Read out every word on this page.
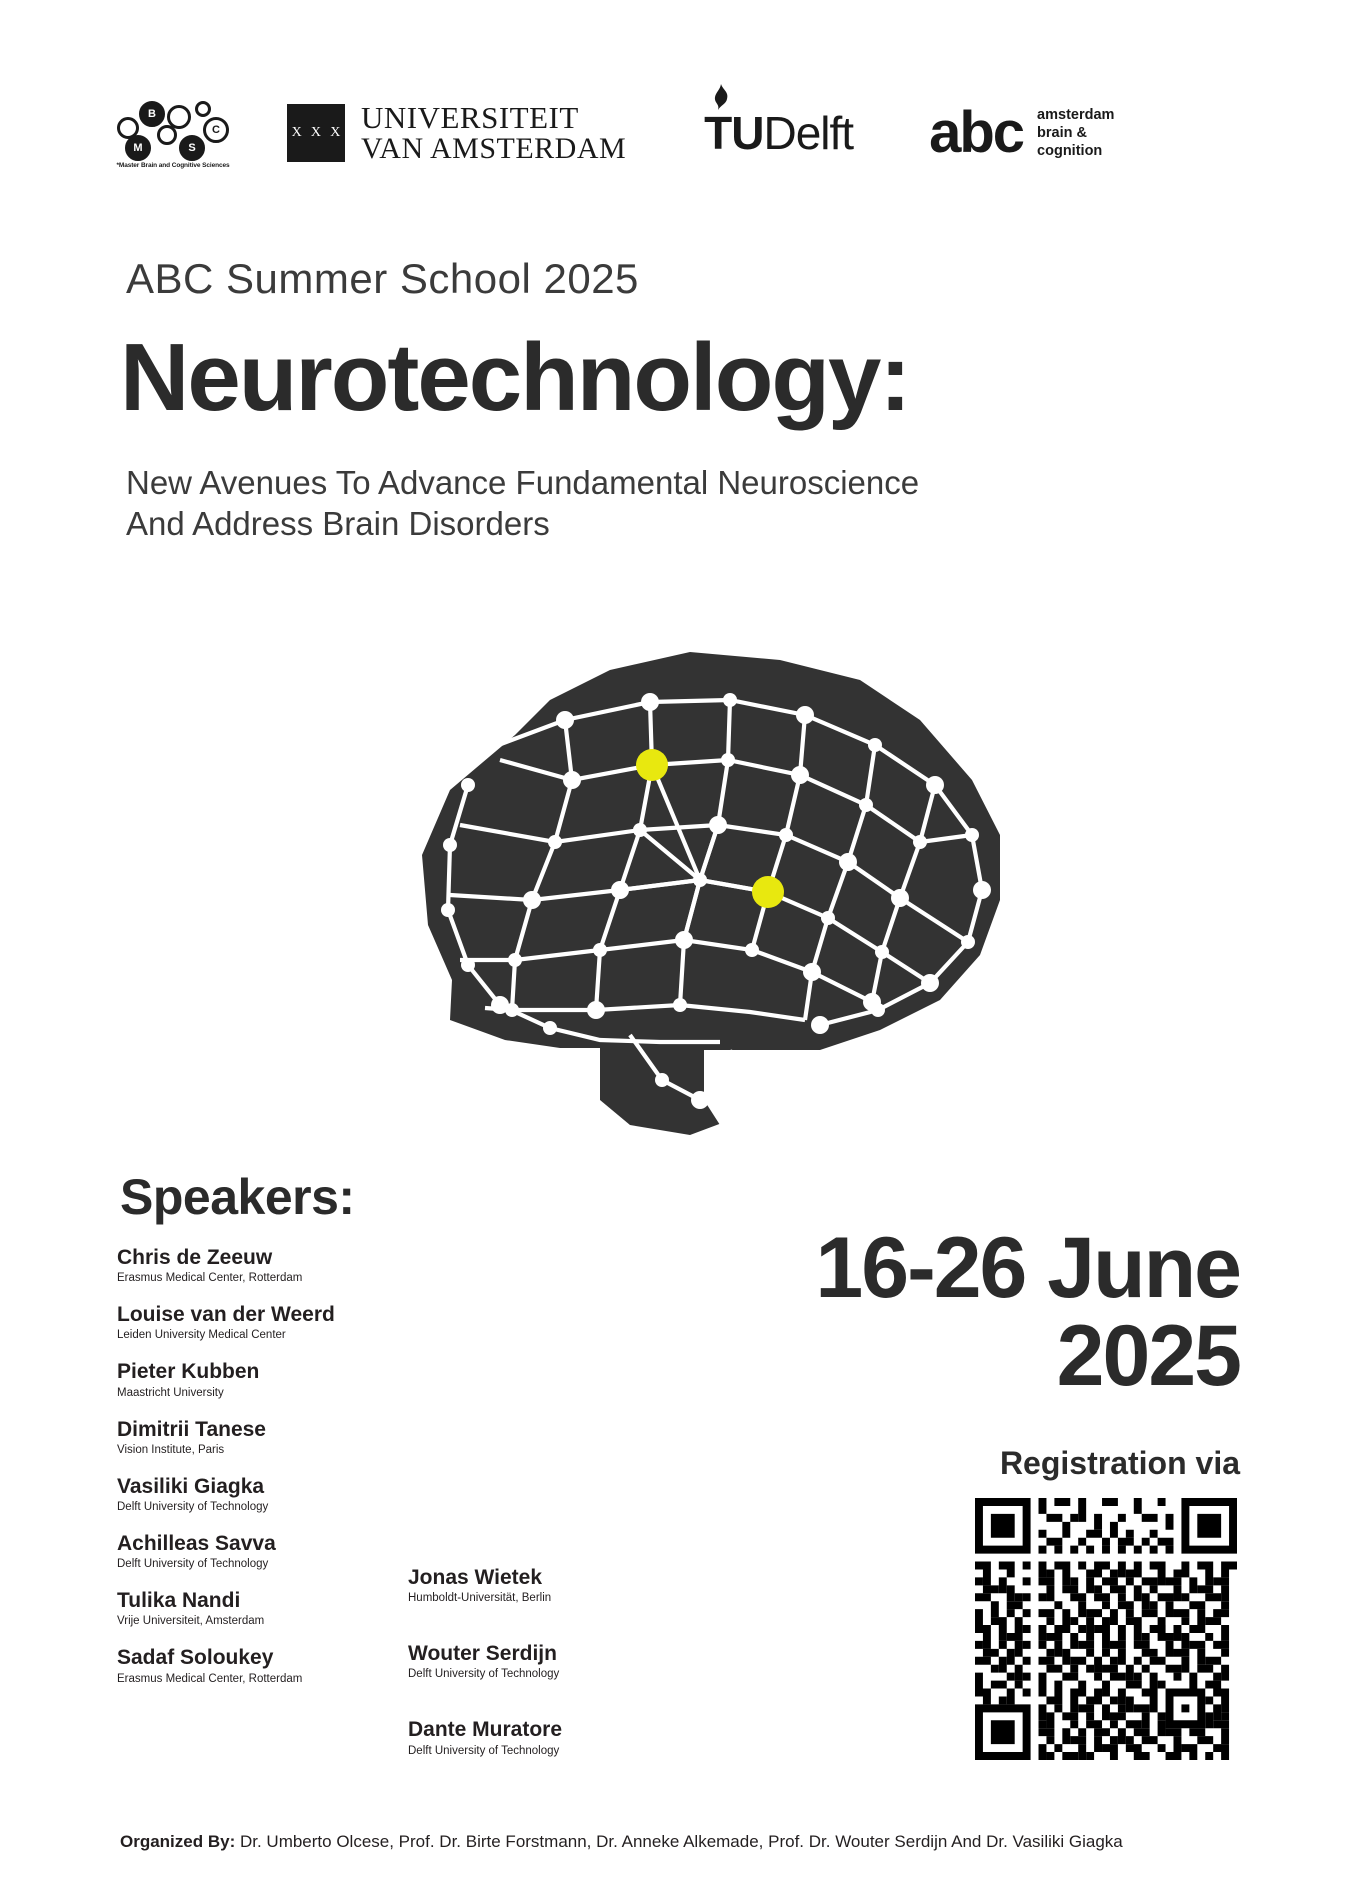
B
C
M	S
*Master Brain and Cognitive Sciences
X X X UNIVERSITEIT
VAN AMSTERDAM TUDelft abc amsterdam
brain &
cognition
ABC Summer School 2025
Neurotechnology:
New Avenues To Advance Fundamental Neuroscience
And Address Brain Disorders
Speakers:
Chris de Zeeuw
Erasmus Medical Center, Rotterdam
Louise van der Weerd
Leiden University Medical Center
Pieter Kubben
Maastricht University
Dimitrii Tanese
Vision Institute, Paris
Vasiliki Giagka
Delft University of Technology
Achilleas Savva
Delft University of Technology
Tulika Nandi
Vrije Universiteit, Amsterdam
Sadaf Soloukey
Erasmus Medical Center, Rotterdam
Jonas Wietek
Humboldt-Universität, Berlin
Wouter Serdijn
Delft University of Technology
Dante Muratore
Delft University of Technology
16-26 June
2025
Registration via
Organized By: Dr. Umberto Olcese, Prof. Dr. Birte Forstmann, Dr. Anneke Alkemade, Prof. Dr. Wouter Serdijn And Dr. Vasiliki Giagka
